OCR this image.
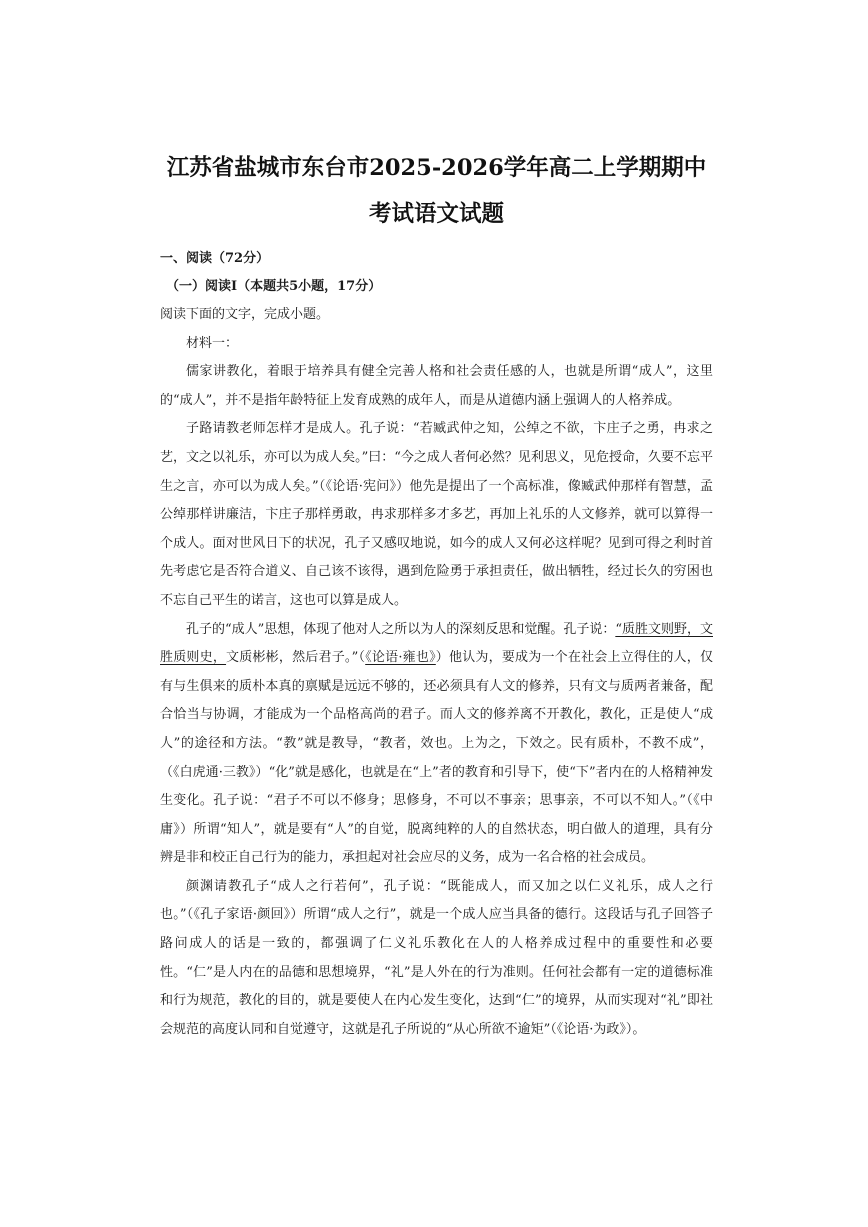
江苏省盐城市东台市2025-2026学年高二上学期期中考试语文试题

一、阅读（72分）

（一）阅读Ⅰ（本题共5小题，17分）

阅读下面的文字，完成小题。

材料一：

儒家讲教化，着眼于培养具有健全完善人格和社会责任感的人，也就是所谓“成人”，这里的“成人”，并不是指年龄特征上发育成熟的成年人，而是从道德内涵上强调人的人格养成。

子路请教老师怎样才是成人。孔子说：“若臧武仲之知，公绰之不欲，卞庄子之勇，冉求之艺，文之以礼乐，亦可以为成人矣。”曰：“今之成人者何必然？见利思义，见危授命，久要不忘平生之言，亦可以为成人矣。”（《论语·宪问》）他先是提出了一个高标准，像臧武仲那样有智慧，孟公绰那样讲廉洁，卞庄子那样勇敢，冉求那样多才多艺，再加上礼乐的人文修养，就可以算得一个成人。面对世风日下的状况，孔子又感叹地说，如今的成人又何必这样呢？见到可得之利时首先考虑它是否符合道义、自己该不该得，遇到危险勇于承担责任，做出牺牲，经过长久的穷困也不忘自己平生的诺言，这也可以算是成人。

孔子的“成人”思想，体现了他对人之所以为人的深刻反思和觉醒。孔子说：“质胜文则野，文胜质则史，文质彬彬，然后君子。”（《论语·雍也》）他认为，要成为一个在社会上立得住的人，仅有与生俱来的质朴本真的禀赋是远远不够的，还必须具有人文的修养，只有文与质两者兼备，配合恰当与协调，才能成为一个品格高尚的君子。而人文的修养离不开教化，教化，正是使人“成人”的途径和方法。“教”就是教导，“教者，效也。上为之，下效之。民有质朴，不教不成”，（《白虎通·三教》）“化”就是感化，也就是在“上”者的教育和引导下，使“下”者内在的人格精神发生变化。孔子说：“君子不可以不修身；思修身，不可以不事亲；思事亲，不可以不知人。”（《中庸》）所谓“知人”，就是要有“人”的自觉，脱离纯粹的人的自然状态，明白做人的道理，具有分辨是非和校正自己行为的能力，承担起对社会应尽的义务，成为一名合格的社会成员。

颜渊请教孔子“成人之行若何”，孔子说：“既能成人，而又加之以仁义礼乐，成人之行也。”（《孔子家语·颜回》）所谓“成人之行”，就是一个成人应当具备的德行。这段话与孔子回答子路问成人的话是一致的，都强调了仁义礼乐教化在人的人格养成过程中的重要性和必要性。“仁”是人内在的品德和思想境界，“礼”是人外在的行为准则。任何社会都有一定的道德标准和行为规范，教化的目的，就是要使人在内心发生变化，达到“仁”的境界，从而实现对“礼”即社会规范的高度认同和自觉遵守，这就是孔子所说的“从心所欲不逾矩”（《论语·为政》）。
